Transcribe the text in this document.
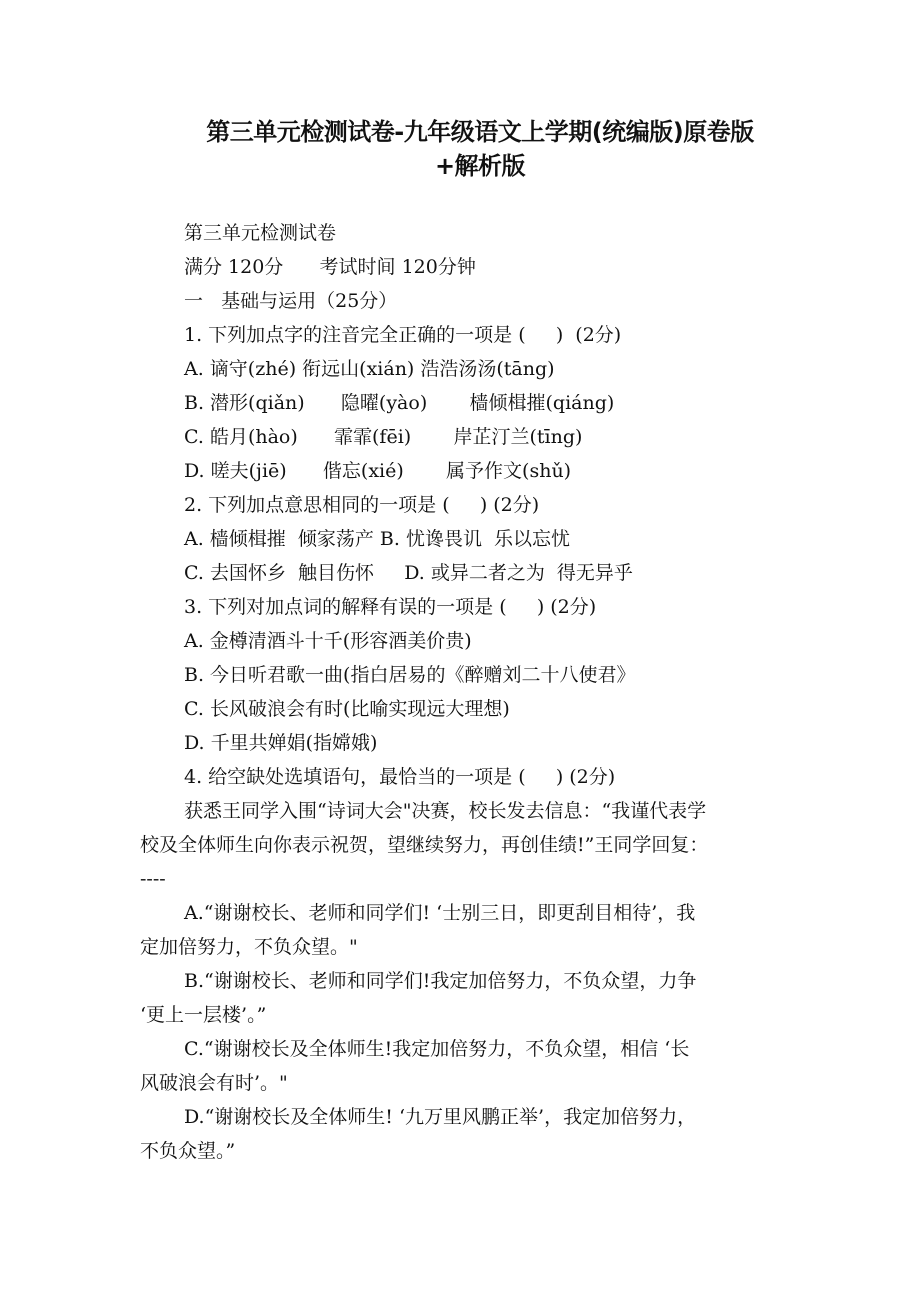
第三单元检测试卷-九年级语文上学期(统编版)原卷版
+解析版
第三单元检测试卷
满分 120分      考试时间 120分钟
一   基础与运用（25分）
1. 下列加点字的注音完全正确的一项是 (     )  (2分)
A. 谪守(zhé) 衔远山(xián) 浩浩汤汤(tāng)
B. 潜形(qiǎn)      隐曜(yào)       樯倾楫摧(qiáng)
C. 皓月(hào)      霏霏(fēi)       岸芷汀兰(tīng)
D. 嗟夫(jiē)      偕忘(xié)       属予作文(shǔ)
2. 下列加点意思相同的一项是 (     ) (2分)
A. 樯倾楫摧  倾家荡产 B. 忧谗畏讥  乐以忘忧
C. 去国怀乡  触目伤怀     D. 或异二者之为  得无异乎
3. 下列对加点词的解释有误的一项是 (     ) (2分)
A. 金樽清酒斗十千(形容酒美价贵)
B. 今日听君歌一曲(指白居易的《醉赠刘二十八使君》
C. 长风破浪会有时(比喻实现远大理想)
D. 千里共婵娟(指嫦娥)
4. 给空缺处选填语句，最恰当的一项是 (     ) (2分)
获悉王同学入围“诗词大会"决赛，校长发去信息：“我谨代表学
校及全体师生向你表示祝贺，望继续努力，再创佳绩!”王同学回复：
----
A.“谢谢校长、老师和同学们! ‘士别三日，即更刮目相待’，我
定加倍努力，不负众望。"
B.“谢谢校长、老师和同学们!我定加倍努力，不负众望，力争
‘更上一层楼’。”
C.“谢谢校长及全体师生!我定加倍努力，不负众望，相信 ‘长
风破浪会有时’。"
D.“谢谢校长及全体师生! ‘九万里风鹏正举’，我定加倍努力，
不负众望。”
